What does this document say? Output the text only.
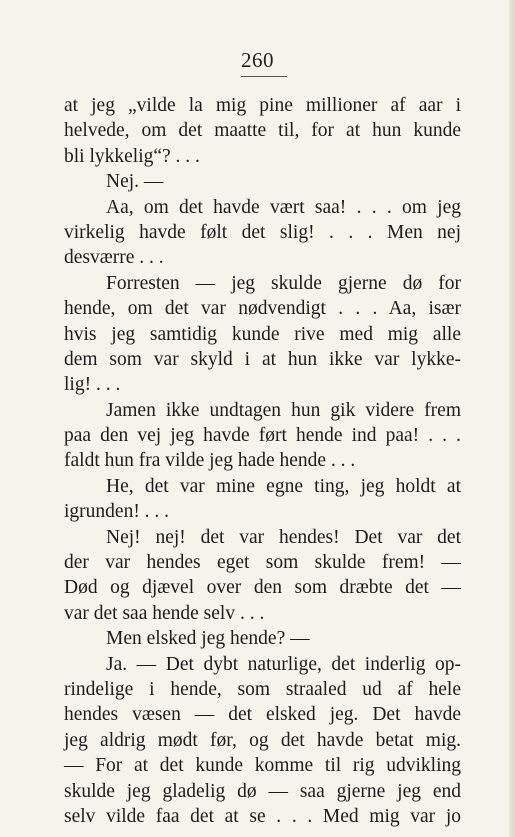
260
at jeg „vilde la mig pine millioner af aar i
helvede, om det maatte til, for at hun kunde
bli lykkelig“? . . .
Nej. —
Aa, om det havde vært saa! . . . om jeg
virkelig havde følt det slig! . . . Men nej
desværre . . .
Forresten — jeg skulde gjerne dø for
hende, om det var nødvendigt . . . Aa, især
hvis jeg samtidig kunde rive med mig alle
dem som var skyld i at hun ikke var lykke-
lig! . . .
Jamen ikke undtagen hun gik videre frem
paa den vej jeg havde ført hende ind paa! . . .
faldt hun fra vilde jeg hade hende . . .
He, det var mine egne ting, jeg holdt at
igrunden! . . .
Nej! nej! det var hendes! Det var det
der var hendes eget som skulde frem! —
Død og djævel over den som dræbte det —
var det saa hende selv . . .
Men elsked jeg hende? —
Ja. — Det dybt naturlige, det inderlig op-
rindelige i hende, som straaled ud af hele
hendes væsen — det elsked jeg. Det havde
jeg aldrig mødt før, og det havde betat mig.
— For at det kunde komme til rig udvikling
skulde jeg gladelig dø — saa gjerne jeg end
selv vilde faa det at se . . . Med mig var jo
